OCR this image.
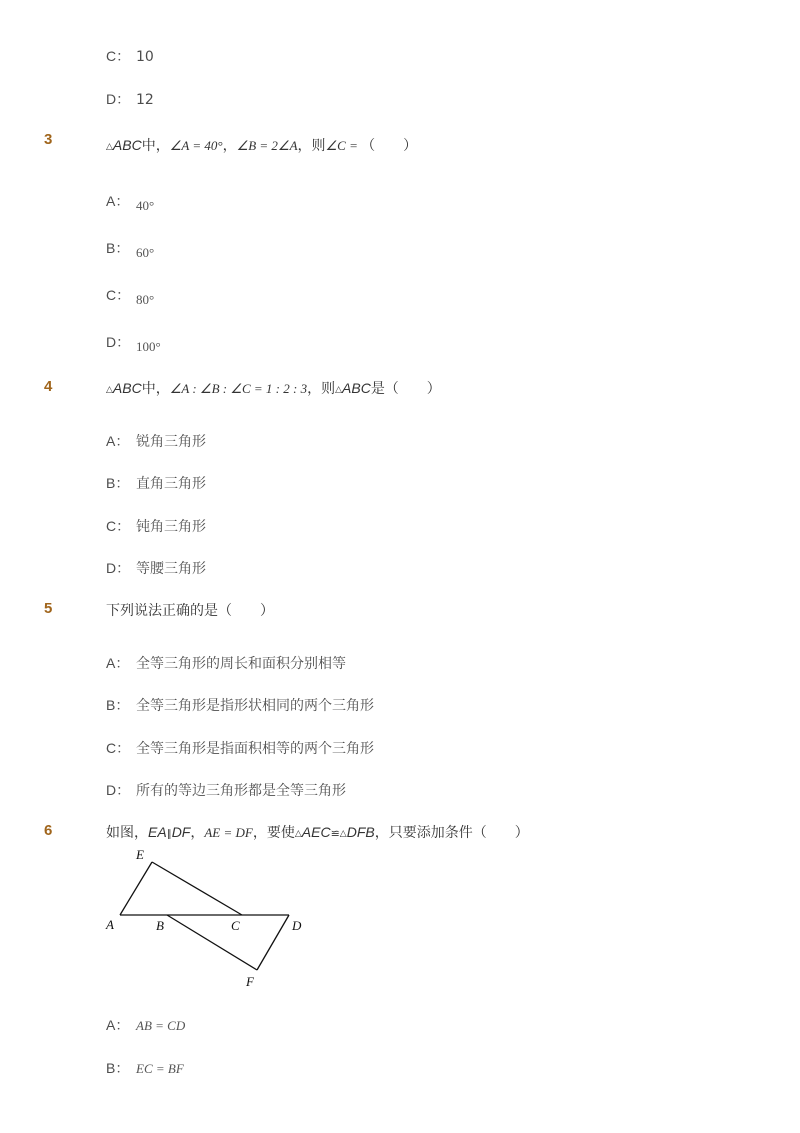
C： 10
D： 12
3	△ABC中，∠A = 40°，∠B = 2∠A，则∠C = （　　）
A： 40°
B： 60°
C： 80°
D： 100°
4	△ABC中，∠A : ∠B : ∠C = 1 : 2 : 3，则△ABC是（　　）
A： 锐角三角形
B： 直角三角形
C： 钝角三角形
D： 等腰三角形
5	下列说法正确的是（　　）
A： 全等三角形的周长和面积分别相等
B： 全等三角形是指形状相同的两个三角形
C： 全等三角形是指面积相等的两个三角形
D： 所有的等边三角形都是全等三角形
6	如图，EA∥DF，AE = DF，要使△AEC≌△DFB，只要添加条件（　　）
E
A	B	C	D
F
A： AB = CD
B： EC = BF
